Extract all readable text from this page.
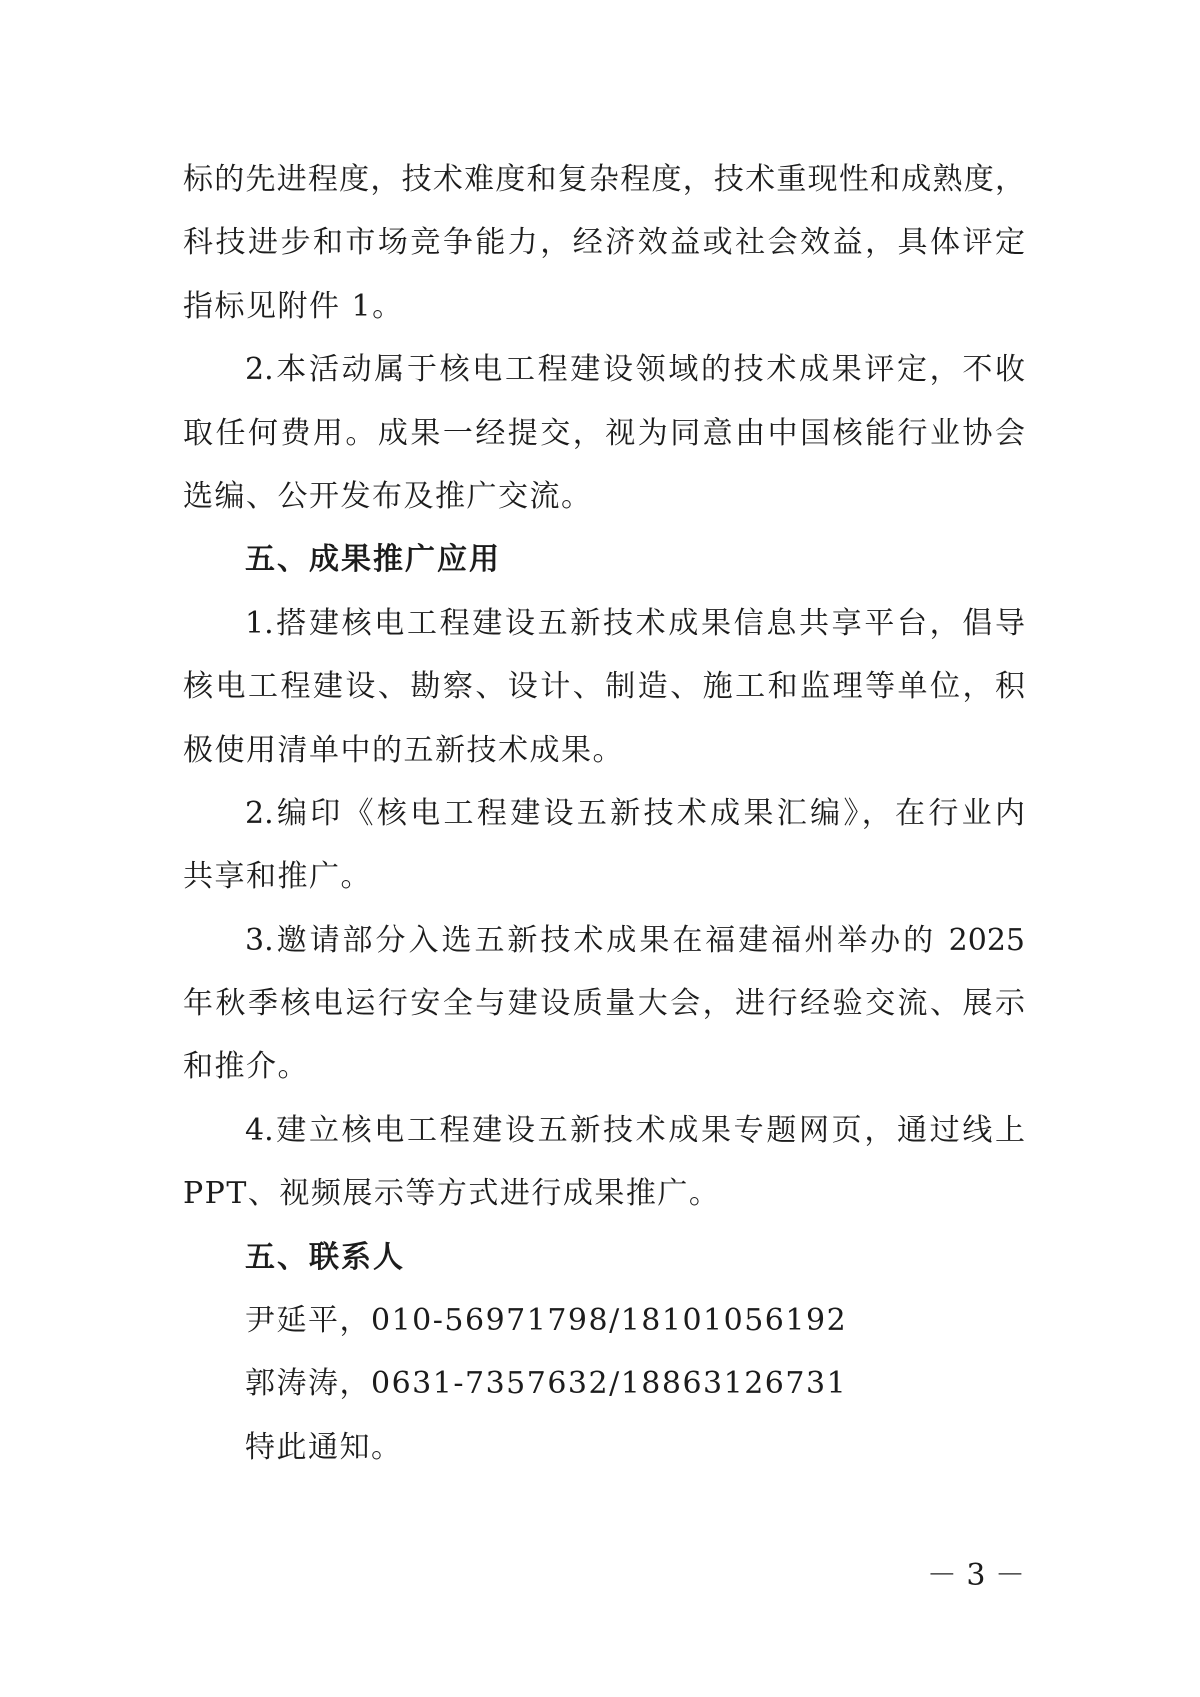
标的先进程度，技术难度和复杂程度，技术重现性和成熟度，
科技进步和市场竞争能力，经济效益或社会效益，具体评定
指标见附件 1。
2.本活动属于核电工程建设领域的技术成果评定，不收
取任何费用。成果一经提交，视为同意由中国核能行业协会
选编、公开发布及推广交流。
五、成果推广应用
1.搭建核电工程建设五新技术成果信息共享平台，倡导
核电工程建设、勘察、设计、制造、施工和监理等单位，积
极使用清单中的五新技术成果。
2.编印《核电工程建设五新技术成果汇编》，在行业内
共享和推广。
3.邀请部分入选五新技术成果在福建福州举办的 2025
年秋季核电运行安全与建设质量大会，进行经验交流、展示
和推介。
4.建立核电工程建设五新技术成果专题网页，通过线上
PPT、视频展示等方式进行成果推广。
五、联系人
尹延平，010-56971798/18101056192
郭涛涛，0631-7357632/18863126731
特此通知。
－ 3 －
